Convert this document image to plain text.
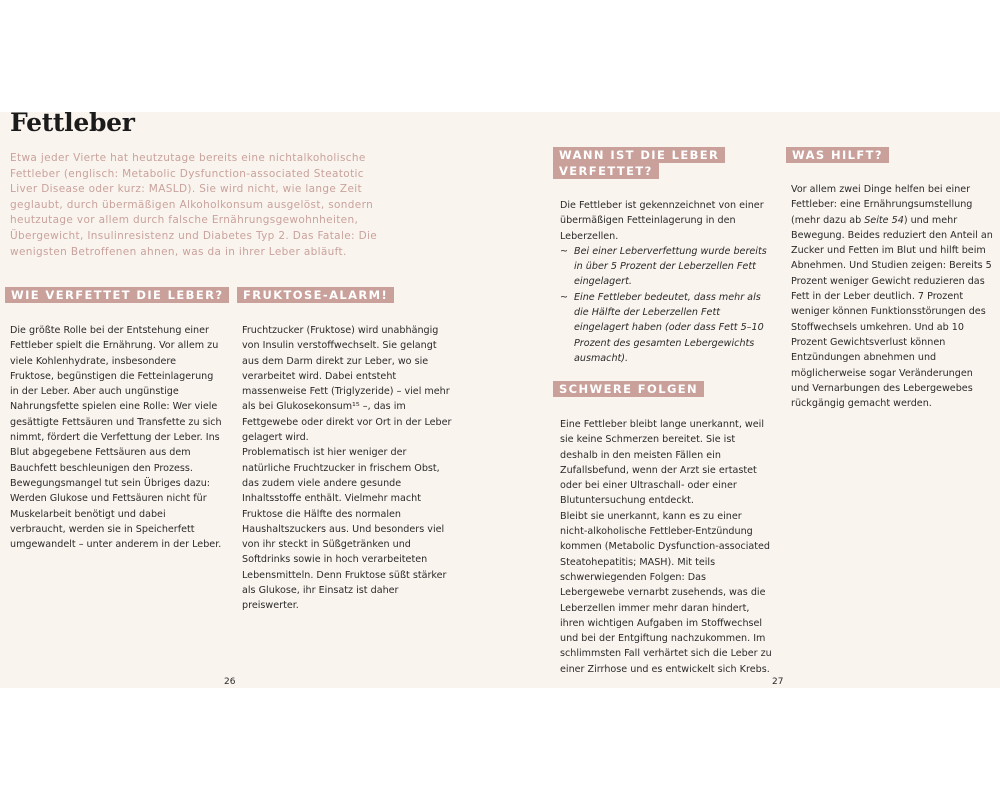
Fettleber

Etwa jeder Vierte hat heutzutage bereits eine nichtalkoholische Fettleber (englisch: Metabolic Dysfunction-associated Steatotic Liver Disease oder kurz: MASLD). Sie wird nicht, wie lange Zeit geglaubt, durch übermäßigen Alkoholkonsum ausgelöst, sondern heutzutage vor allem durch falsche Ernährungsgewohnheiten, Übergewicht, Insulinresistenz und Diabetes Typ 2. Das Fatale: Die wenigsten Betroffenen ahnen, was da in ihrer Leber abläuft.

WIE VERFETTET DIE LEBER?

Die größte Rolle bei der Entstehung einer Fettleber spielt die Ernährung. Vor allem zu viele Kohlenhydrate, insbesondere Fruktose, begünstigen die Fetteinlagerung in der Leber. Aber auch ungünstige Nahrungsfette spielen eine Rolle: Wer viele gesättigte Fettsäuren und Transfette zu sich nimmt, fördert die Verfettung der Leber. Ins Blut abgegebene Fettsäuren aus dem Bauchfett beschleunigen den Prozess.

Bewegungsmangel tut sein Übriges dazu: Werden Glukose und Fettsäuren nicht für Muskelarbeit benötigt und dabei verbraucht, werden sie in Speicherfett umgewandelt – unter anderem in der Leber.

FRUKTOSE-ALARM!

Fruchtzucker (Fruktose) wird unabhängig von Insulin verstoffwechselt. Sie gelangt aus dem Darm direkt zur Leber, wo sie verarbeitet wird. Dabei entsteht massenweise Fett (Triglyzeride) – viel mehr als bei Glukosekonsum¹⁵ –, das im Fettgewebe oder direkt vor Ort in der Leber gelagert wird.

Problematisch ist hier weniger der natürliche Fruchtzucker in frischem Obst, das zudem viele andere gesunde Inhaltsstoffe enthält. Vielmehr macht Fruktose die Hälfte des normalen Haushaltszuckers aus. Und besonders viel von ihr steckt in Süßgetränken und Softdrinks sowie in hoch verarbeiteten Lebensmitteln. Denn Fruktose süßt stärker als Glukose, ihr Einsatz ist daher preiswerter.

WANN IST DIE LEBER
VERFETTET?

Die Fettleber ist gekennzeichnet von einer übermäßigen Fetteinlagerung in den Leberzellen.

~ Bei einer Leberverfettung wurde bereits in über 5 Prozent der Leberzellen Fett eingelagert.
~ Eine Fettleber bedeutet, dass mehr als die Hälfte der Leberzellen Fett eingelagert haben (oder dass Fett 5–10 Prozent des gesamten Lebergewichts ausmacht).
SCHWERE FOLGEN

Eine Fettleber bleibt lange unerkannt, weil sie keine Schmerzen bereitet. Sie ist deshalb in den meisten Fällen ein Zufallsbefund, wenn der Arzt sie ertastet oder bei einer Ultraschall- oder einer Blutuntersuchung entdeckt.

Bleibt sie unerkannt, kann es zu einer nicht-alkoholische Fettleber-Entzündung kommen (Metabolic Dysfunction-associated Steatohepatitis; MASH). Mit teils schwerwiegenden Folgen: Das Lebergewebe vernarbt zusehends, was die Leberzellen immer mehr daran hindert, ihren wichtigen Aufgaben im Stoffwechsel und bei der Entgiftung nachzukommen. Im schlimmsten Fall verhärtet sich die Leber zu einer Zirrhose und es entwickelt sich Krebs.

WAS HILFT?

Vor allem zwei Dinge helfen bei einer Fettleber: eine Ernährungsumstellung (mehr dazu ab Seite 54) und mehr Bewegung. Beides reduziert den Anteil an Zucker und Fetten im Blut und hilft beim Abnehmen. Und Studien zeigen: Bereits 5 Prozent weniger Gewicht reduzieren das Fett in der Leber deutlich. 7 Prozent weniger können Funktionsstörungen des Stoffwechsels umkehren. Und ab 10 Prozent Gewichtsverlust können Entzündungen abnehmen und möglicherweise sogar Veränderungen und Vernarbungen des Lebergewebes rückgängig gemacht werden.

26	27
